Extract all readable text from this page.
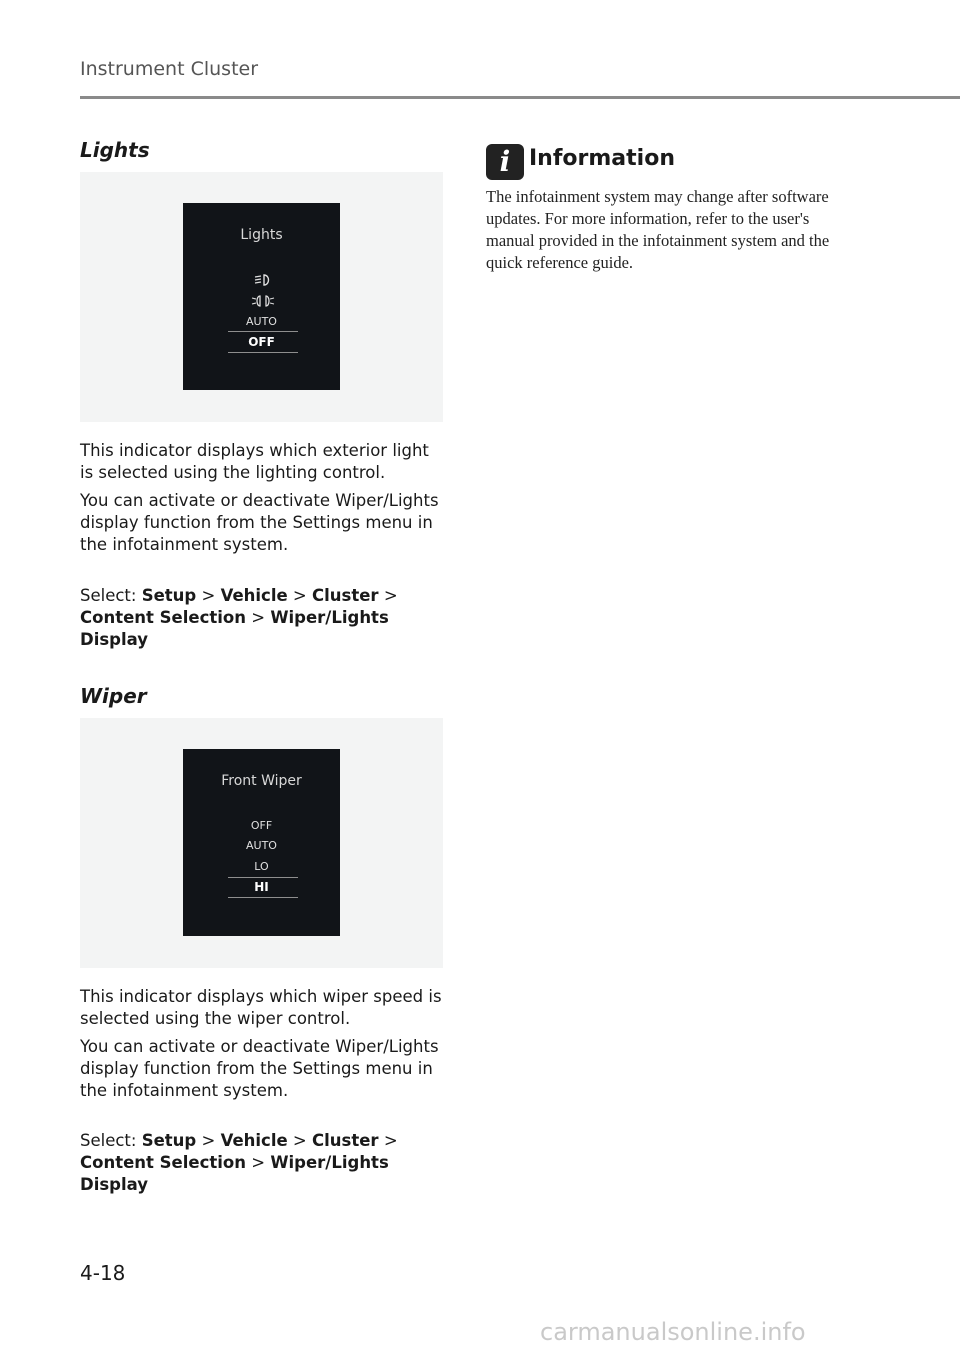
Instrument Cluster
Lights
Lights
AUTO
OFF
This indicator displays which exterior light is selected using the lighting control.
You can activate or deactivate Wiper/Lights display function from the Settings menu in the infotainment system.
Select: Setup > Vehicle > Cluster > Content Selection > Wiper/Lights Display
Wiper
Front Wiper
OFF
AUTO
LO
HI
This indicator displays which wiper speed is selected using the wiper control.
You can activate or deactivate Wiper/Lights display function from the Settings menu in the infotainment system.
Select: Setup > Vehicle > Cluster > Content Selection > Wiper/Lights Display
i Information
The infotainment system may change after software updates. For more information, refer to the user's manual provided in the infotainment system and the quick reference guide.
4-18
carmanualsonline.info
